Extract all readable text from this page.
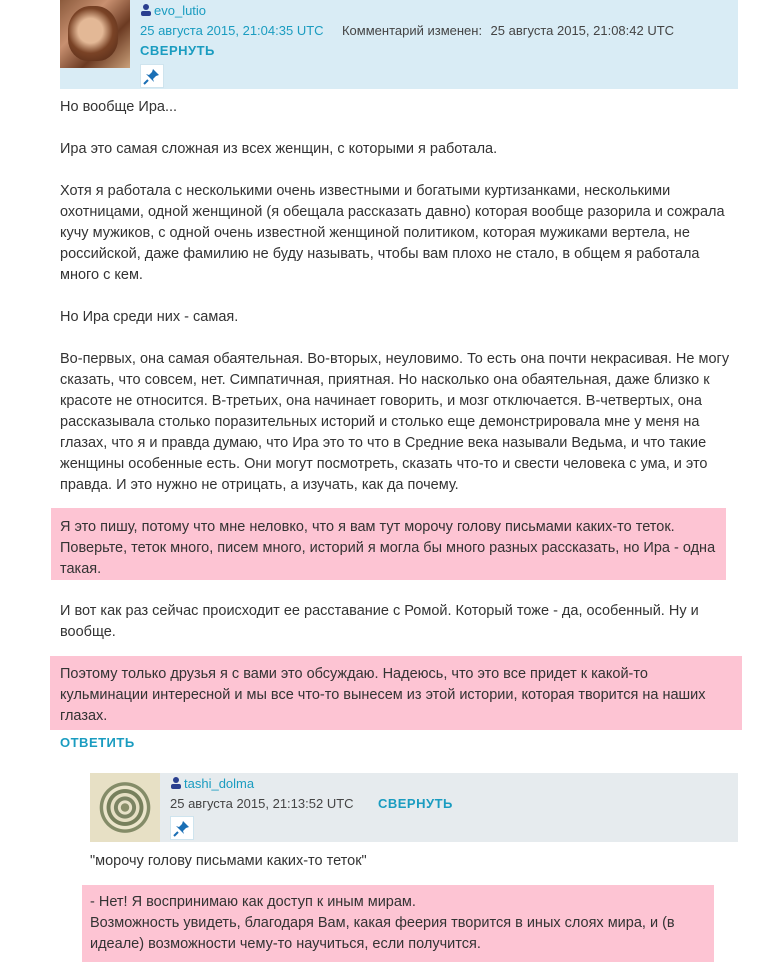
evo_lutio
25 августа 2015, 21:04:35 UTC Комментарий изменен: 25 августа 2015, 21:08:42 UTC
СВЕРНУТЬ
Но вообще Ира...
Ира это самая сложная из всех женщин, с которыми я работала.
Хотя я работала с несколькими очень известными и богатыми куртизанками, несколькими охотницами, одной женщиной (я обещала рассказать давно) которая вообще разорила и сожрала кучу мужиков, с одной очень известной женщиной политиком, которая мужиками вертела, не российской, даже фамилию не буду называть, чтобы вам плохо не стало, в общем я работала много с кем.
Но Ира среди них - самая.
Во-первых, она самая обаятельная. Во-вторых, неуловимо. То есть она почти некрасивая. Не могу сказать, что совсем, нет. Симпатичная, приятная. Но насколько она обаятельная, даже близко к красоте не относится. В-третьих, она начинает говорить, и мозг отключается. В-четвертых, она рассказывала столько поразительных историй и столько еще демонстрировала мне у меня на глазах, что я и правда думаю, что Ира это то что в Средние века называли Ведьма, и что такие женщины особенные есть. Они могут посмотреть, сказать что-то и свести человека с ума, и это правда. И это нужно не отрицать, а изучать, как да почему.
Я это пишу, потому что мне неловко, что я вам тут морочу голову письмами каких-то теток. Поверьте, теток много, писем много, историй я могла бы много разных рассказать, но Ира - одна такая.
И вот как раз сейчас происходит ее расставание с Ромой. Который тоже - да, особенный. Ну и вообще.
Поэтому только друзья я с вами это обсуждаю. Надеюсь, что это все придет к какой-то кульминации интересной и мы все что-то вынесем из этой истории, которая творится на наших глазах.
ОТВЕТИТЬ
tashi_dolma
25 августа 2015, 21:13:52 UTC СВЕРНУТЬ
"морочу голову письмами каких-то теток"
- Нет! Я воспринимаю как доступ к иным мирам.
Возможность увидеть, благодаря Вам, какая феерия творится в иных слоях мира, и (в идеале) возможности чему-то научиться, если получится.
